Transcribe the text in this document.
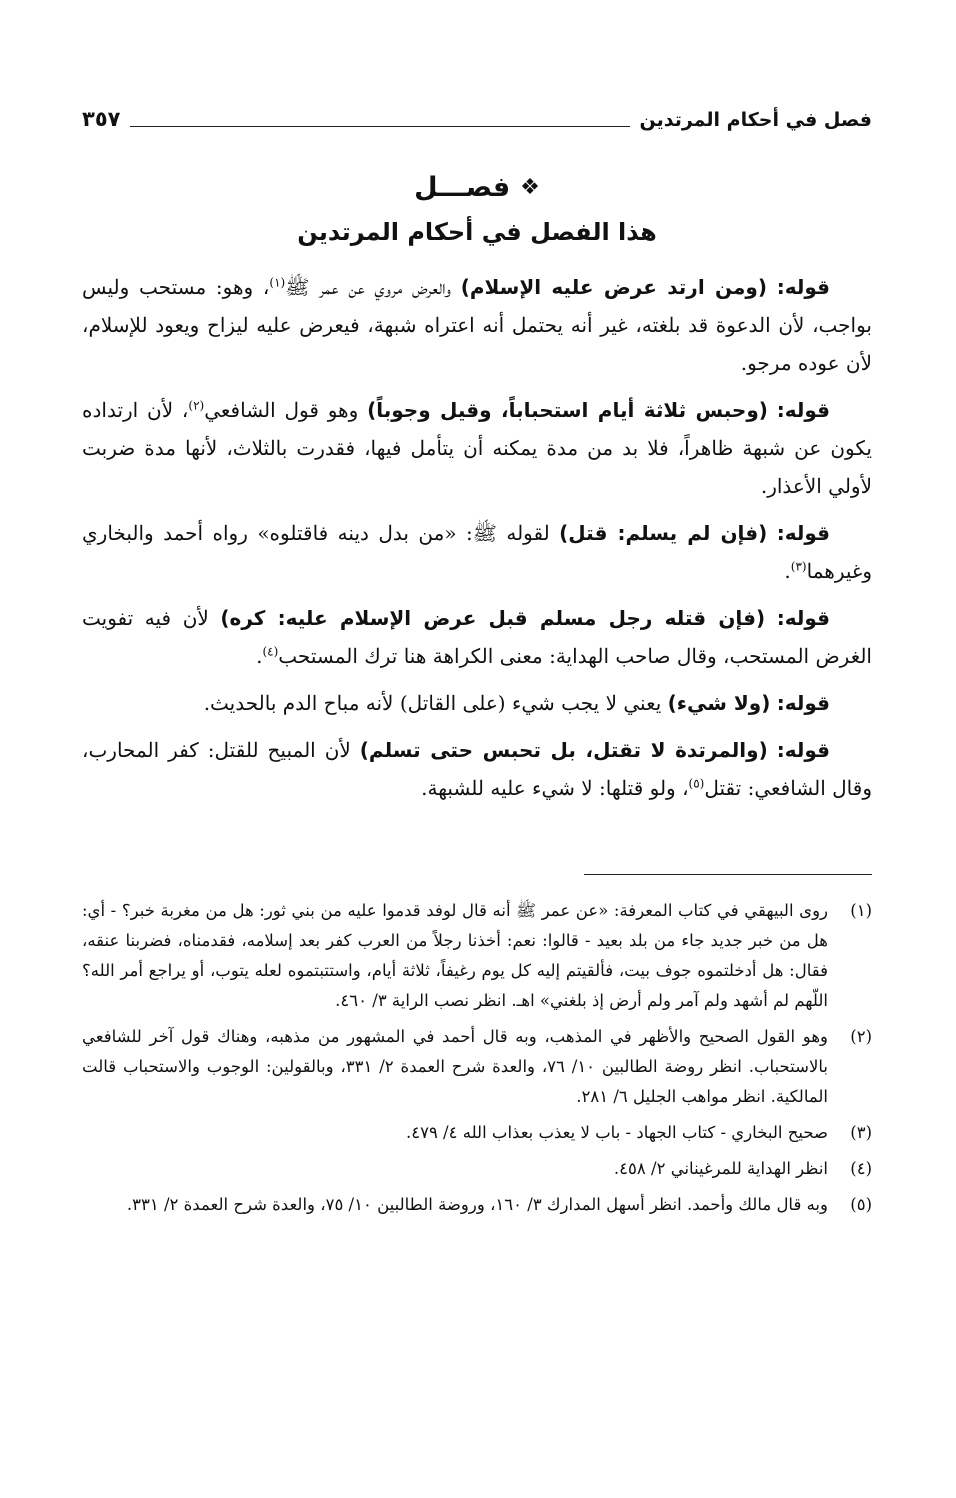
فصل في أحكام المرتدين
٣٥٧
❖
فصـــل
هذا الفصل في أحكام المرتدين

قوله: (ومن ارتد عرض عليه الإسلام) والعرض مروي عن عمر ﷺ$^{(١)}$، وهو: مستحب وليس بواجب، لأن الدعوة قد بلغته، غير أنه يحتمل أنه اعتراه شبهة، فيعرض عليه ليزاح ويعود للإسلام، لأن عوده مرجو.

قوله: (وحبس ثلاثة أيام استحباباً، وقيل وجوباً) وهو قول الشافعي$^{(٢)}$، لأن ارتداده يكون عن شبهة ظاهراً، فلا بد من مدة يمكنه أن يتأمل فيها، فقدرت بالثلاث، لأنها مدة ضربت لأولي الأعذار.

قوله: (فإن لم يسلم: قتل) لقوله ﷺ: «من بدل دينه فاقتلوه» رواه أحمد والبخاري وغيرهما$^{(٣)}$.

قوله: (فإن قتله رجل مسلم قبل عرض الإسلام عليه: كره) لأن فيه تفويت الغرض المستحب، وقال صاحب الهداية: معنى الكراهة هنا ترك المستحب$^{(٤)}$.

قوله: (ولا شيء) يعني لا يجب شيء (على القاتل) لأنه مباح الدم بالحديث.

قوله: (والمرتدة لا تقتل، بل تحبس حتى تسلم) لأن المبيح للقتل: كفر المحارب، وقال الشافعي: تقتل$^{(٥)}$، ولو قتلها: لا شيء عليه للشبهة.

(١)
روى البيهقي في كتاب المعرفة: «عن عمر ﷺ أنه قال لوفد قدموا عليه من بني ثور: هل من مغربة خبر؟ - أي: هل من خبر جديد جاء من بلد بعيد - قالوا: نعم: أخذنا رجلاً من العرب كفر بعد إسلامه، فقدمناه، فضربنا عنقه، فقال: هل أدخلتموه جوف بيت، فألقيتم إليه كل يوم رغيفاً، ثلاثة أيام، واستتبتموه لعله يتوب، أو يراجع أمر الله؟ اللّهم لم أشهد ولم آمر ولم أرض إذ بلغني» اهـ. انظر نصب الراية ٣/ ٤٦٠.
(٢)
وهو القول الصحيح والأظهر في المذهب، وبه قال أحمد في المشهور من مذهبه، وهناك قول آخر للشافعي بالاستحباب. انظر روضة الطالبين ١٠/ ٧٦، والعدة شرح العمدة ٢/ ٣٣١، وبالقولين: الوجوب والاستحباب قالت المالكية. انظر مواهب الجليل ٦/ ٢٨١.
(٣)
صحيح البخاري - كتاب الجهاد - باب لا يعذب بعذاب الله ٤/ ٤٧٩.
(٤)
انظر الهداية للمرغيناني ٢/ ٤٥٨.
(٥)
وبه قال مالك وأحمد. انظر أسهل المدارك ٣/ ١٦٠، وروضة الطالبين ١٠/ ٧٥، والعدة شرح العمدة ٢/ ٣٣١.
